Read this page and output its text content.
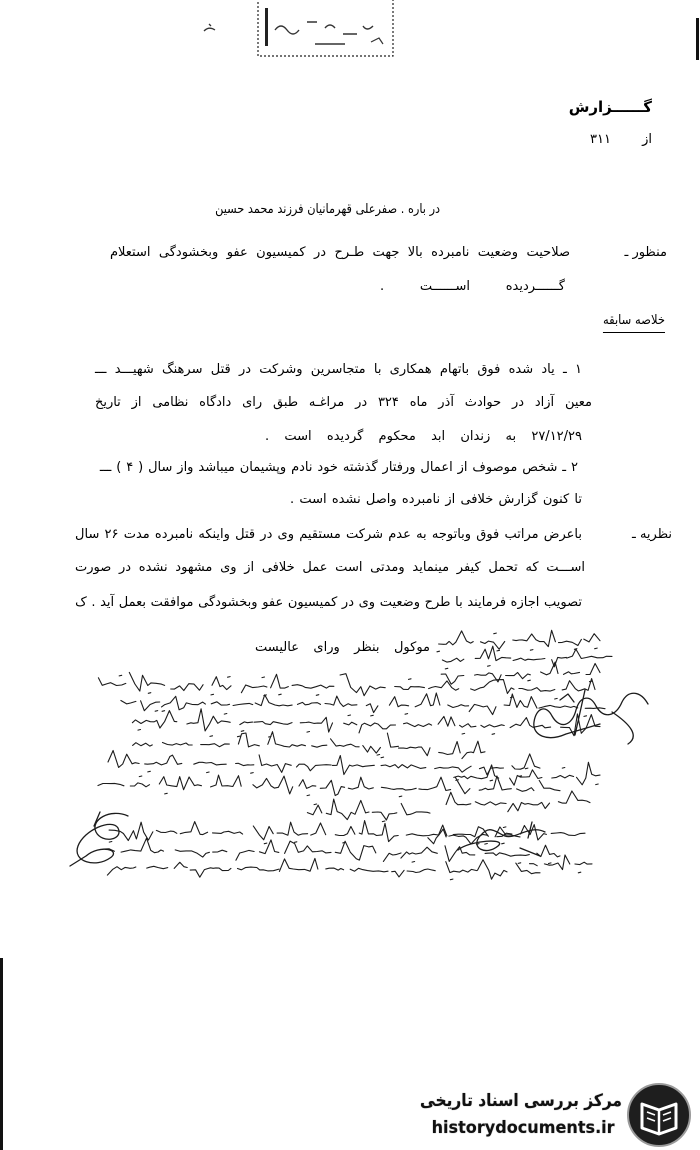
گــــــزارش
از ۳۱۱
در باره . صفرعلی قهرمانیان فرزند محمد حسین
منظور ـ
صلاحیت وضعیت نامبرده بالا جهت طـرح در کمیسیون عفو وبخشودگی استعلام
گــــــردیده اســــــت .
خلاصه سابقه
۱ ـ یاد شده فوق باتهام همکاری با متجاسرین وشرکت در قتل سرهنگ شهیـــد ـــ
معین آزاد در حوادث آذر ماه ۳۲۴ در مراغـه طبق رای دادگاه نظامی از تاریخ
۲۷/۱۲/۲۹ به زندان ابد محکوم گردیده است .
۲ ـ شخص موصوف از اعمال ورفتار گذشته خود نادم وپشیمان میباشد واز سال ( ۴ ) ـــ
تا کنون گزارش خلافی از نامبرده واصل نشده است .
نظریه ـ
باعرض مراتب فوق وباتوجه به عدم شرکت مستقیم وی در قتل واینکه نامبرده مدت ۲۶ سال
اســـت که تحمل کیفر مینماید ومدتی است عمل خلافی از وی مشهود نشده در صورت
تصویب اجازه فرمایند با طرح وضعیت وی در کمیسیون عفو وبخشودگی موافقت بعمل آید . ک
موکول بنظر ورای عالیست
مرکز بررسی اسناد تاریخی
historydocuments.ir
